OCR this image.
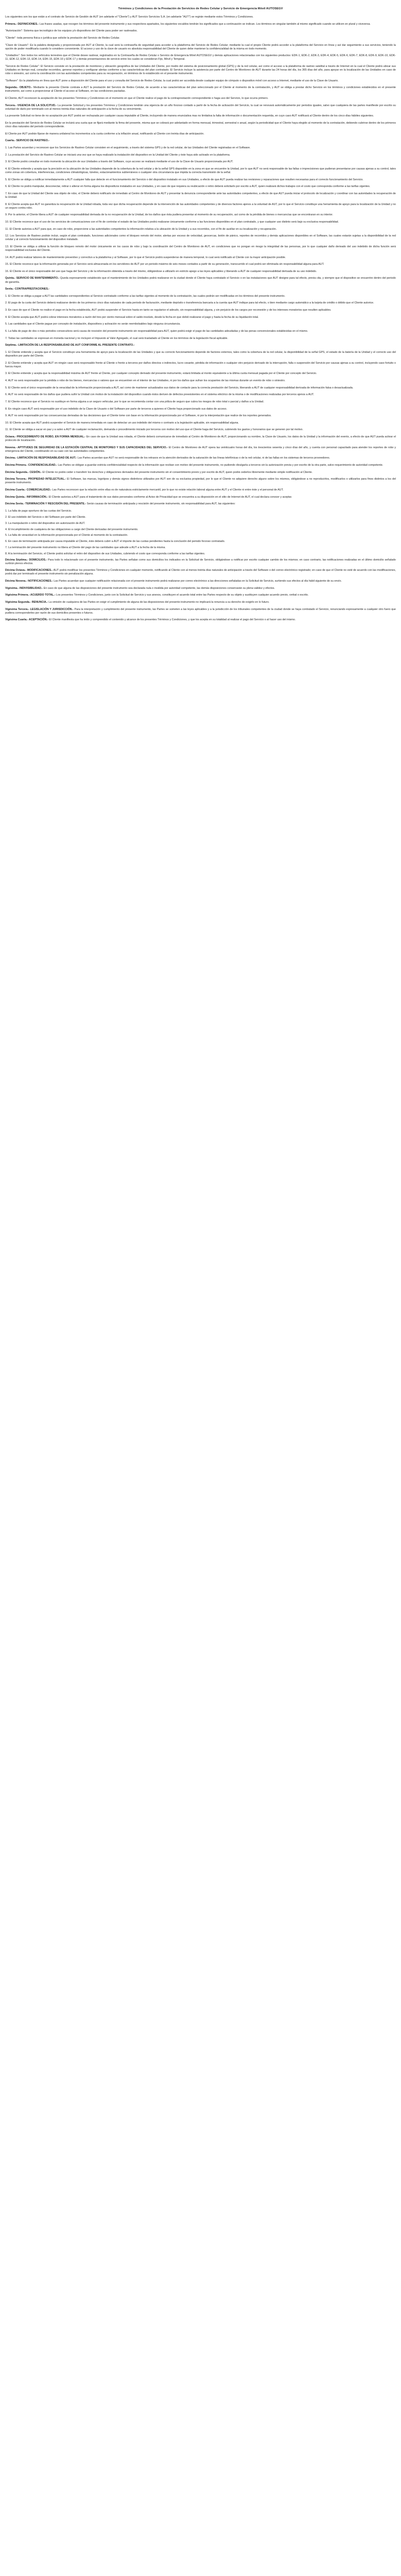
Términos y Condiciones de la Prestación de Servicios de Redes Celular y Servicio de Emergencia Móvil AUTOSEGV

Los siguientes son los que están a el contrato de Servicio de Gestión de AUT (en adelante el "Cliente") y AUT Servicio Servicios S.A. (en adelante "AUT") se regirán mediante estos Términos y Condiciones.

Primera.- DEFINICIONES.- Las frases usadas, que recogen los términos del presente instrumento y sus respectivos apartados, los siguientes vocablos tendrán los significados que a continuación se indican. Los términos en singular también al mismo significado cuando se utilicen en plural y viceversa.

"Autorización": Sistema que tecnológico de los equipos y/o dispositivos del Cliente para poder ser rastreados.

"Cliente": toda persona física o jurídica que solicite la prestación del Servicio de Redes Celular.

"Clave de Usuario": Es la palabra designada y proporcionada por AUT al Cliente, la cual será la contraseña de seguridad para acceder a la plataforma del Servicio de Redes Celular; mediante la cual el propio Cliente podrá acceder a la plataforma del Servicio en línea y así dar seguimiento a sus servicios, teniendo la opción de poder modificarla cuando lo considere conveniente. El acceso y uso de la clave de usuario es absoluta responsabilidad del Cliente de quien debe mantener la confidencialidad de la misma en todo momento.

"Unidad/es": Son todos los vehículos terrestres que el Cliente desee rastrear, registrados en la Contraseña de Redes Celular o Servicio de Emergencia Móvil AUTOSEGV y demás aplicaciones relacionadas con los siguientes productos: EDK-1, EDK-2, EDK-3, EDK-4, EDK-5, EDK-6, EDK-7, EDK-8, EDK-9, EDK-10, EDK-11, EDK-12, EDK-13, EDK-14, EDK-15, EDK-16 y EDK-17 y demás presentaciones de servicio entre los cuales se consideran Fijo, Móvil y Temporal.

"Servicio de Redes Celular": El Servicio consiste en la prestación de monitoreo y ubicación geográfica de las Unidades del Cliente, por medio del sistema de posicionamiento global (GPS) y de la red celular, así como el acceso a la plataforma de rastreo satelital a través de Internet en la cual el Cliente podrá ubicar sus Unidades en tiempo real, consultar recorridos, generar reportes y configurar alertas conforme a las características del plan contratado. El Servicio incluye la asistencia por parte del Centro de Monitoreo de AUT durante las 24 horas del día, los 365 días del año, para apoyar en la localización de las Unidades en caso de robo o siniestro, así como la coordinación con las autoridades competentes para su recuperación, en términos de lo establecido en el presente instrumento.

"Software": Es la plataforma en línea que AUT pone a disposición del Cliente para el uso y consulta del Servicio de Redes Celular, la cual podrá ser accedida desde cualquier equipo de cómputo o dispositivo móvil con acceso a Internet, mediante el uso de la Clave de Usuario.

Segunda.- OBJETO.- Mediante la presente Cliente contrata a AUT la prestación del Servicio de Redes Celular, de acuerdo a las características del plan seleccionado por el Cliente al momento de la contratación, y AUT se obliga a prestar dicho Servicio en los términos y condiciones establecidos en el presente instrumento, así como a proporcionar al Cliente el acceso al Software, en las condiciones pactadas.

El Cliente, AUT reconocen la aceptación de los presentes Términos y Condiciones en el momento en que el Cliente realice el pago de la contraprestación correspondiente o haga uso del Servicio, lo que ocurra primero.

Tercera.- VIGENCIA DE LA SOLICITUD.- La presente Solicitud y los presentes Términos y Condiciones tendrán una vigencia de un año forzoso contado a partir de la fecha de activación del Servicio, la cual se renovará automáticamente por periodos iguales, salvo que cualquiera de las partes manifieste por escrito su voluntad de darlo por terminado con al menos treinta días naturales de anticipación a la fecha de su vencimiento.

La presente Solicitud no tiene de no aceptación por AUT podrá ser rechazada por cualquier causa imputable al Cliente, incluyendo de manera enunciativa mas no limitativa la falta de información o documentación requerida, en cuyo caso AUT notificará al Cliente dentro de los cinco días hábiles siguientes.

En la prestación del Servicio de Redes Celular se incluirá una cuota que se fijará mediante la firma del presente, misma que se cobrará por adelantado en forma mensual, trimestral, semestral o anual, según la periodicidad que el Cliente haya elegido al momento de la contratación, debiendo cubrirse dentro de los primeros cinco días naturales del periodo correspondiente.

El Cliente por AUT podrán fijarse de manera unilateral los incrementos a la cuota conforme a la inflación anual, notificando al Cliente con treinta días de anticipación.

Cuarta.- SERVICIO DE RASTREO.-

1. Las Partes acuerdan y reconocen que los Servicios de Rastreo Celular consisten en el seguimiento, a través del sistema GPS y de la red celular, de las Unidades del Cliente registradas en el Software.

2. La prestación del Servicio de Rastreo Celular se iniciará una vez que se haya realizado la instalación del dispositivo en la Unidad del Cliente y éste haya sido activado en la plataforma.

3. El Cliente podrá consultar en todo momento la ubicación de sus Unidades a través del Software, cuyo acceso se realizará mediante el uso de la Clave de Usuario proporcionada por AUT.

4. El Cliente entiende y acepta que la precisión en la ubicación de las Unidades depende de la cobertura de la red celular y de la señal GPS disponible en la zona en que se encuentre la Unidad, por lo que AUT no será responsable de las fallas o imprecisiones que pudieran presentarse por causas ajenas a su control, tales como zonas sin cobertura, interferencias, condiciones climatológicas, túneles, estacionamientos subterráneos o cualquier otra circunstancia que impida la correcta transmisión de la señal.

5. El Cliente se obliga a notificar inmediatamente a AUT cualquier falla que detecte en el funcionamiento del Servicio o del dispositivo instalado en sus Unidades, a efecto de que AUT pueda realizar las revisiones y reparaciones que resulten necesarias para el correcto funcionamiento del Servicio.

6. El Cliente no podrá manipular, desconectar, retirar o alterar en forma alguna los dispositivos instalados en sus Unidades, y en caso de que requiera su reubicación o retiro deberá solicitarlo por escrito a AUT, quien realizará dichos trabajos con el costo que corresponda conforme a las tarifas vigentes.

7. En caso de que la Unidad del Cliente sea objeto de robo, el Cliente deberá notificarlo de inmediato al Centro de Monitoreo de AUT y presentar la denuncia correspondiente ante las autoridades competentes, a efecto de que AUT pueda iniciar el protocolo de localización y coordinar con las autoridades la recuperación de la Unidad.

8. El Cliente acepta que AUT no garantiza la recuperación de la Unidad robada, toda vez que dicha recuperación depende de la intervención de las autoridades competentes y de diversos factores ajenos a la voluntad de AUT, por lo que el Servicio constituye una herramienta de apoyo para la localización de la Unidad y no un seguro contra robo.

9. Por lo anterior, el Cliente libera a AUT de cualquier responsabilidad derivada de la no recuperación de la Unidad, de los daños que ésta pudiera presentar al momento de su recuperación, así como de la pérdida de bienes o mercancías que se encontraran en su interior.

10. El Cliente reconoce que el uso de los servicios de comunicaciones con el fin de controlar el estado de las Unidades podrá realizarse únicamente conforme a las funciones disponibles en el plan contratado, y que cualquier uso distinto será bajo su exclusiva responsabilidad.

11. El Cliente autoriza a AUT para que, en caso de robo, proporcione a las autoridades competentes la información relativa a la ubicación de la Unidad y a sus recorridos, con el fin de auxiliar en su localización y recuperación.

12. Los Servicios de Rastreo podrán incluir, según el plan contratado, funciones adicionales como el bloqueo remoto del motor, alertas por exceso de velocidad, geocercas, botón de pánico, reportes de recorridos y demás aplicaciones disponibles en el Software, las cuales estarán sujetas a la disponibilidad de la red celular y al correcto funcionamiento del dispositivo instalado.

13. El Cliente se obliga a utilizar la función de bloqueo remoto del motor únicamente en los casos de robo y bajo la coordinación del Centro de Monitoreo de AUT, en condiciones que no pongan en riesgo la integridad de las personas, por lo que cualquier daño derivado del uso indebido de dicha función será responsabilidad exclusiva del Cliente.

14. AUT podrá realizar labores de mantenimiento preventivo y correctivo a la plataforma y al Software, por lo que el Servicio podrá suspenderse de manera temporal, lo cual será notificado al Cliente con la mayor anticipación posible.

15. El Cliente reconoce que la información generada por el Servicio será almacenada en los servidores de AUT por un periodo máximo de seis meses contados a partir de su generación, transcurrido el cual podrá ser eliminada sin responsabilidad alguna para AUT.

16. El Cliente es el único responsable del uso que haga del Servicio y de la información obtenida a través del mismo, obligándose a utilizarlo en estricto apego a las leyes aplicables y liberando a AUT de cualquier responsabilidad derivada de su uso indebido.

Quinta.- SERVICIO DE MANTENIMIENTO.- Queda expresamente establecido que el mantenimiento de los Unidades podrá realizarse en la ciudad donde el Cliente haya contratado el Servicio o en las instalaciones que AUT designe para tal efecto, previa cita, y siempre que el dispositivo se encuentre dentro del periodo de garantía.

Sexta.- CONTRAPRESTACIONES.-

1. El Cliente se obliga a pagar a AUT las cantidades correspondientes al Servicio contratado conforme a las tarifas vigentes al momento de la contratación, las cuales podrán ser modificadas en los términos del presente instrumento.

2. El pago de la cuota del Servicio deberá realizarse dentro de los primeros cinco días naturales de cada periodo de facturación, mediante depósito o transferencia bancaria a la cuenta que AUT indique para tal efecto, o bien mediante cargo automático a la tarjeta de crédito o débito que el Cliente autorice.

3. En caso de que el Cliente no realice el pago en la fecha establecida, AUT podrá suspender el Servicio hasta en tanto se regularice el adeudo, sin responsabilidad alguna, y sin perjuicio de los cargos por reconexión y de los intereses moratorios que resulten aplicables.

4. El Cliente acepta que AUT podrá cobrar intereses moratorios a razón del tres por ciento mensual sobre el saldo insoluto, desde la fecha en que debió realizarse el pago y hasta la fecha de su liquidación total.

5. Las cantidades que el Cliente pague por concepto de instalación, dispositivos y activación no serán reembolsables bajo ninguna circunstancia.

6. La falta de pago de dos o más periodos consecutivos será causa de rescisión del presente instrumento sin responsabilidad para AUT, quien podrá exigir el pago de las cantidades adeudadas y de las penas convencionales establecidas en el mismo.

7. Todas las cantidades se expresan en moneda nacional y no incluyen el Impuesto al Valor Agregado, el cual será trasladado al Cliente en los términos de la legislación fiscal aplicable.

Séptima.- LIMITACIÓN DE LA RESPONSABILIDAD DE AUT CONFORME AL PRESENTE CONTRATO.-

1. El Cliente entiende y acepta que el Servicio constituye una herramienta de apoyo para la localización de las Unidades y que su correcto funcionamiento depende de factores externos, tales como la cobertura de la red celular, la disponibilidad de la señal GPS, el estado de la batería de la Unidad y el correcto uso del dispositivo por parte del Cliente.

2. El Cliente entiende y acepta que AUT en ningún caso será responsable frente al Cliente o frente a terceros por daños directos o indirectos, lucro cesante, pérdida de información o cualquier otro perjuicio derivado de la interrupción, falla o suspensión del Servicio por causas ajenas a su control, incluyendo caso fortuito o fuerza mayor.

3. El Cliente entiende y acepta que la responsabilidad máxima de AUT frente al Cliente, por cualquier concepto derivado del presente instrumento, estará limitada al monto equivalente a la última cuota mensual pagada por el Cliente por concepto del Servicio.

4. AUT no será responsable por la pérdida o robo de los bienes, mercancías o valores que se encuentren en el interior de las Unidades, ni por los daños que sufran los ocupantes de las mismas durante un evento de robo o siniestro.

5. El Cliente será el único responsable de la veracidad de la información proporcionada a AUT, así como de mantener actualizados sus datos de contacto para la correcta prestación del Servicio, liberando a AUT de cualquier responsabilidad derivada de información falsa o desactualizada.

6. AUT no será responsable de los daños que pudiera sufrir la Unidad con motivo de la instalación del dispositivo cuando éstos deriven de defectos preexistentes en el sistema eléctrico de la misma o de modificaciones realizadas por terceros ajenos a AUT.

7. El Cliente reconoce que el Servicio no sustituye en forma alguna a un seguro vehicular, por lo que se recomienda contar con una póliza de seguro que cubra los riesgos de robo total o parcial y daños a la Unidad.

8. En ningún caso AUT será responsable por el uso indebido de la Clave de Usuario o del Software por parte de terceros a quienes el Cliente haya proporcionado sus datos de acceso.

9. AUT no será responsable por las consecuencias derivadas de las decisiones que el Cliente tome con base en la información proporcionada por el Software, ni por la interpretación que realice de los reportes generados.

10. El Cliente acepta que AUT podrá suspender el Servicio de manera inmediata en caso de detectar un uso indebido del mismo o contrario a la legislación aplicable, sin responsabilidad alguna.

11. El Cliente se obliga a sacar en paz y a salvo a AUT de cualquier reclamación, demanda o procedimiento iniciado por terceros con motivo del uso que el Cliente haga del Servicio, cubriendo los gastos y honorarios que se generen por tal motivo.

Octava.- PROCEDIMIENTO DE ROBO, EN FORMA MENSUAL.- En caso de que la Unidad sea robada, el Cliente deberá comunicarse de inmediato al Centro de Monitoreo de AUT, proporcionando su nombre, la Clave de Usuario, los datos de la Unidad y la información del evento, a efecto de que AUT pueda activar el protocolo de localización.

Novena.- APTITUDES DE SEGURIDAD DE LA ESTACIÓN CENTRAL DE MONITOREO Y SUS CAPACIDADES DEL SERVICIO.- El Centro de Monitoreo de AUT opera las veinticuatro horas del día, los trescientos sesenta y cinco días del año, y cuenta con personal capacitado para atender los reportes de robo y emergencia del Cliente, coordinando en su caso con las autoridades competentes.

Décima.- LIMITACIÓN DE RESPONSABILIDAD DE AUT.- Las Partes acuerdan que AUT no será responsable de los retrasos en la atención derivados de la saturación de las líneas telefónicas o de la red celular, ni de las fallas en los sistemas de terceros proveedores.

Décima Primera.- CONFIDENCIALIDAD.- Las Partes se obligan a guardar estricta confidencialidad respecto de la información que reciban con motivo del presente instrumento, no pudiendo divulgarla a terceros sin la autorización previa y por escrito de la otra parte, salvo requerimiento de autoridad competente.

Décima Segunda.- CESIÓN.- El Cliente no podrá ceder o transferir los derechos y obligaciones derivados del presente instrumento sin el consentimiento previo y por escrito de AUT, quien podrá cederlos libremente mediante simple notificación al Cliente.

Décima Tercera.- PROPIEDAD INTELECTUAL.- El Software, las marcas, logotipos y demás signos distintivos utilizados por AUT son de su exclusiva propiedad, por lo que el Cliente no adquiere derecho alguno sobre los mismos, obligándose a no reproducirlos, modificarlos o utilizarlos para fines distintos a los del presente instrumento.

Décima Cuarta.- COMERCIALIDAD.- Las Partes reconocen que la relación entre ellas es de naturaleza estrictamente mercantil, por lo que no existe relación laboral alguna entre AUT y el Cliente ni entre éste y el personal de AUT.

Décima Quinta.- INFORMACIÓN.- El Cliente autoriza a AUT para el tratamiento de sus datos personales conforme al Aviso de Privacidad que se encuentra a su disposición en el sitio de Internet de AUT, el cual declara conocer y aceptar.

Décima Sexta.- TERMINACIÓN Y RESCISIÓN DEL PRESENTE.- Serán causas de terminación anticipada y rescisión del presente instrumento, sin responsabilidad para AUT, las siguientes:

1. La falta de pago oportuno de las cuotas del Servicio.

2. El uso indebido del Servicio o del Software por parte del Cliente.

3. La manipulación o retiro del dispositivo sin autorización de AUT.

4. El incumplimiento de cualquiera de las obligaciones a cargo del Cliente derivadas del presente instrumento.

5. La falta de veracidad en la información proporcionada por el Cliente al momento de la contratación.

6. En caso de terminación anticipada por causa imputable al Cliente, éste deberá cubrir a AUT el importe de las cuotas pendientes hasta la conclusión del periodo forzoso contratado.

7. La terminación del presente instrumento no libera al Cliente del pago de las cantidades que adeude a AUT a la fecha de la misma.

8. A la terminación del Servicio, el Cliente podrá solicitar el retiro del dispositivo de sus Unidades, cubriendo el costo que corresponda conforme a las tarifas vigentes.

Décima Séptima.- DOMICILIOS.- Para todo lo relacionado con el presente instrumento, las Partes señalan como sus domicilios los indicados en la Solicitud de Servicio, obligándose a notificar por escrito cualquier cambio de los mismos; en caso contrario, las notificaciones realizadas en el último domicilio señalado surtirán plenos efectos.

Décima Octava.- MODIFICACIONES.- AUT podrá modificar los presentes Términos y Condiciones en cualquier momento, notificando al Cliente con al menos treinta días naturales de anticipación a través del Software o del correo electrónico registrado; en caso de que el Cliente no esté de acuerdo con las modificaciones, podrá dar por terminado el presente instrumento sin penalización alguna.

Décima Novena.- NOTIFICACIONES.- Las Partes acuerdan que cualquier notificación relacionada con el presente instrumento podrá realizarse por correo electrónico a las direcciones señaladas en la Solicitud de Servicio, surtiendo sus efectos al día hábil siguiente de su envío.

Vigésima.- INDIVISIBILIDAD.- En caso de que alguna de las disposiciones del presente instrumento sea declarada nula o inválida por autoridad competente, las demás disposiciones conservarán su plena validez y efectos.

Vigésima Primera.- ACUERDO TOTAL.- Los presentes Términos y Condiciones, junto con la Solicitud de Servicio y sus anexos, constituyen el acuerdo total entre las Partes respecto de su objeto y sustituyen cualquier acuerdo previo, verbal o escrito.

Vigésima Segunda.- RENUNCIA.- La omisión de cualquiera de las Partes en exigir el cumplimiento de alguna de las disposiciones del presente instrumento no implicará la renuncia a su derecho de exigirlo en lo futuro.

Vigésima Tercera.- LEGISLACIÓN Y JURISDICCIÓN.- Para la interpretación y cumplimiento del presente instrumento, las Partes se someten a las leyes aplicables y a la jurisdicción de los tribunales competentes de la ciudad donde se haya contratado el Servicio, renunciando expresamente a cualquier otro fuero que pudiera corresponderles por razón de sus domicilios presentes o futuros.

Vigésima Cuarta.- ACEPTACIÓN.- El Cliente manifiesta que ha leído y comprendido el contenido y alcance de los presentes Términos y Condiciones, y que los acepta en su totalidad al realizar el pago del Servicio o al hacer uso del mismo.
